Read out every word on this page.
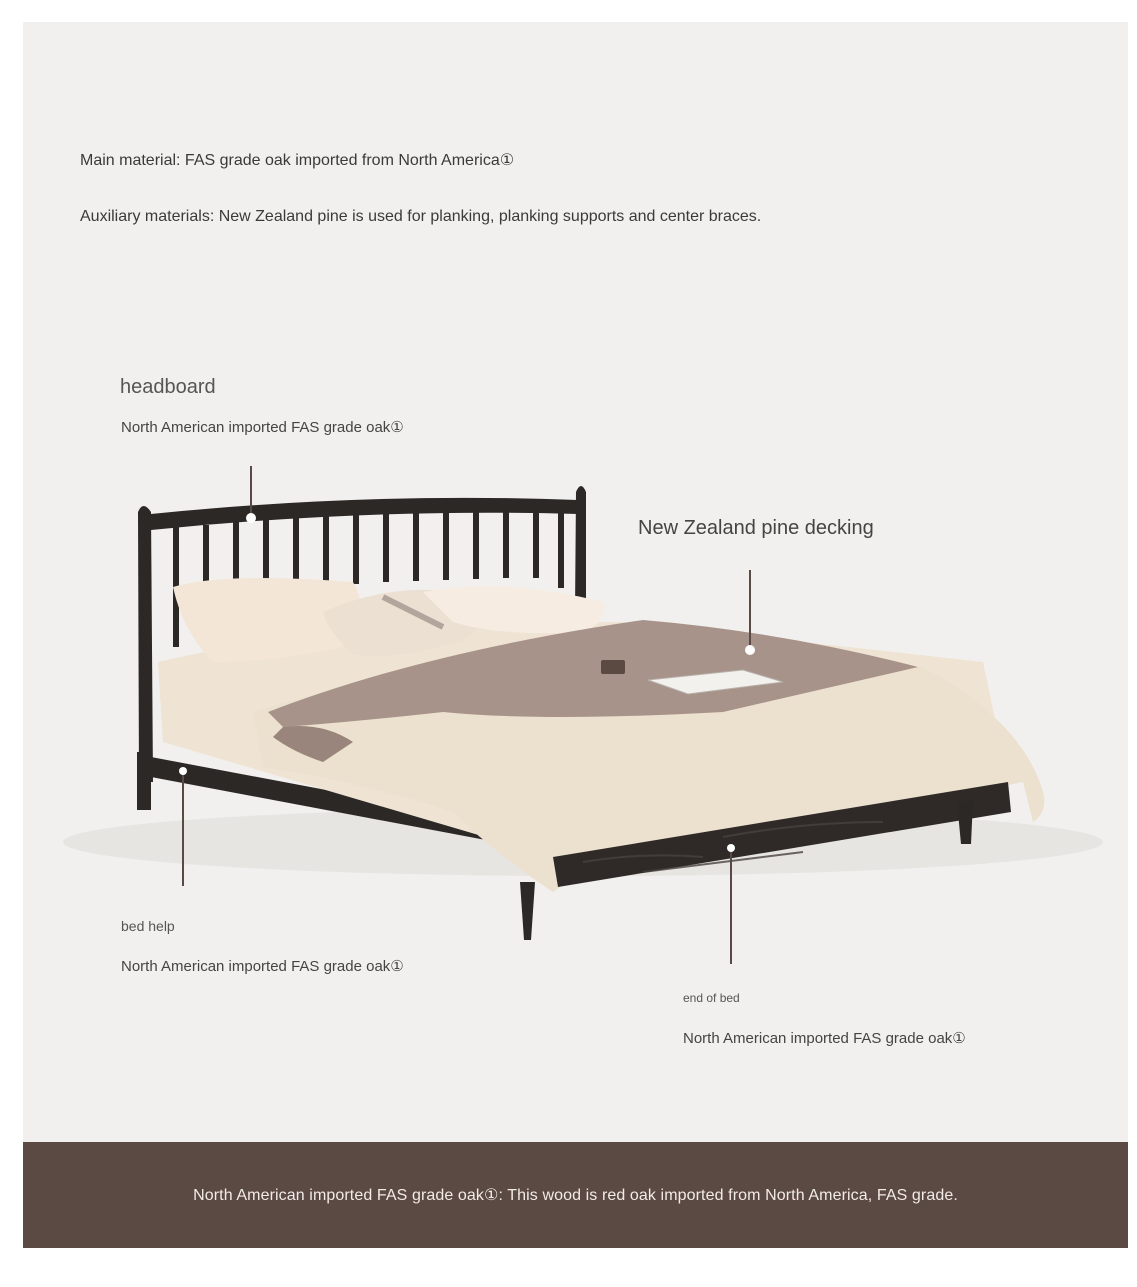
Main material: FAS grade oak imported from North America①
Auxiliary materials: New Zealand pine is used for planking, planking supports and center braces.
headboard
North American imported FAS grade oak①
New Zealand pine decking
bed help
North American imported FAS grade oak①
end of bed
North American imported FAS grade oak①
North American imported FAS grade oak①: This wood is red oak imported from North America, FAS grade.
